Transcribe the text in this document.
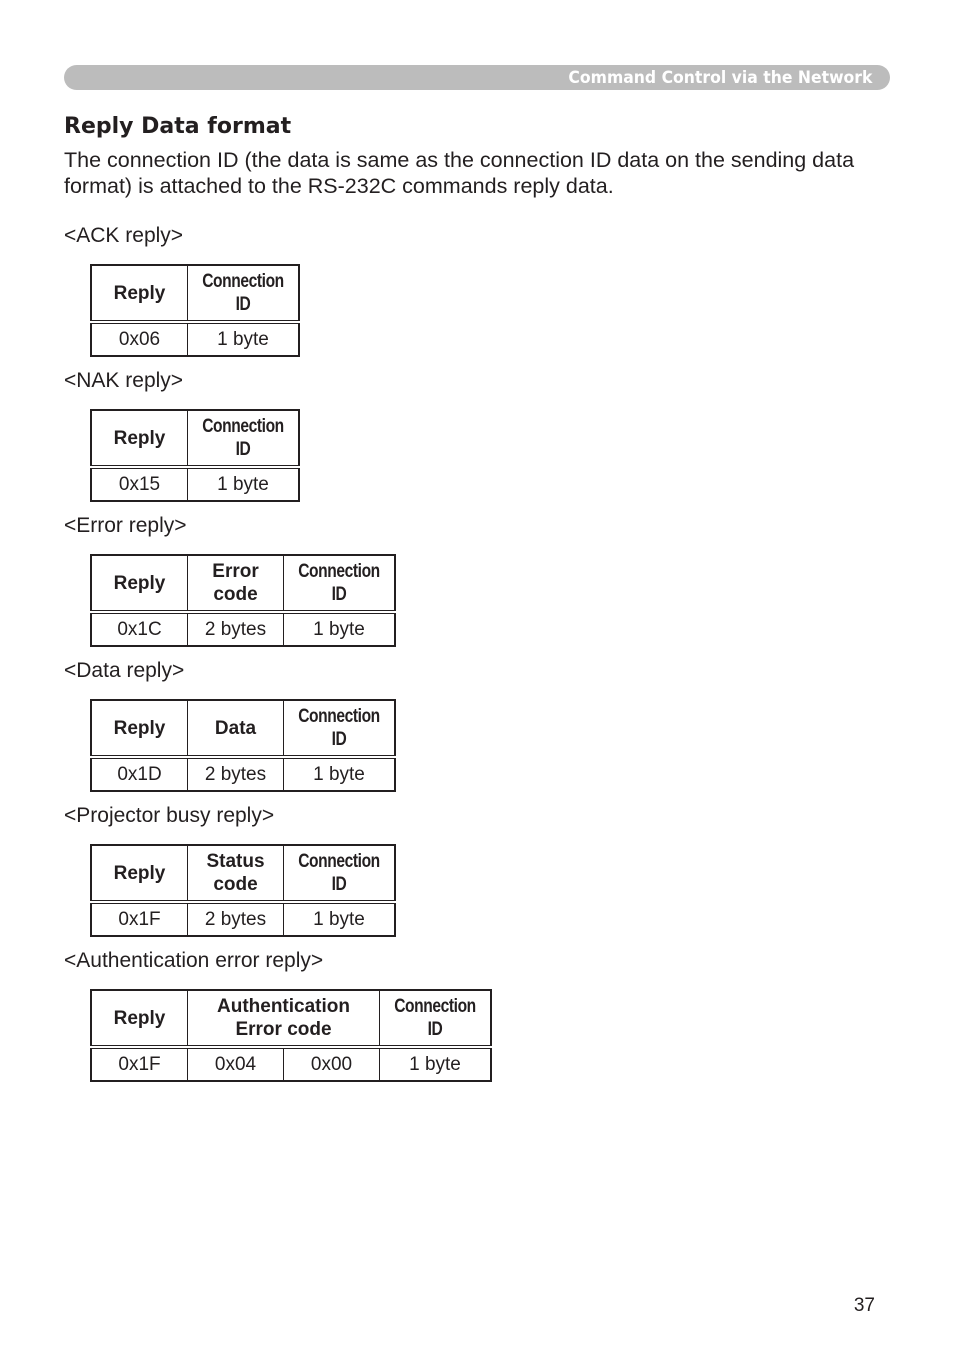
Command Control via the Network
Reply Data format
The connection ID (the data is same as the connection ID data on the sending data format) is attached to the RS-232C commands reply data.
<ACK reply>
Reply	Connection ID
0x06	1 byte
<NAK reply>
Reply	Connection ID
0x15	1 byte
<Error reply>
Reply	Error code	Connection ID
0x1C	2 bytes	1 byte
<Data reply>
Reply	Data	Connection ID
0x1D	2 bytes	1 byte
<Projector busy reply>
Reply	Status code	Connection ID
0x1F	2 bytes	1 byte
<Authentication error reply>
Reply	Authentication Error code		Connection ID
0x1F	0x04	0x00	1 byte
37
